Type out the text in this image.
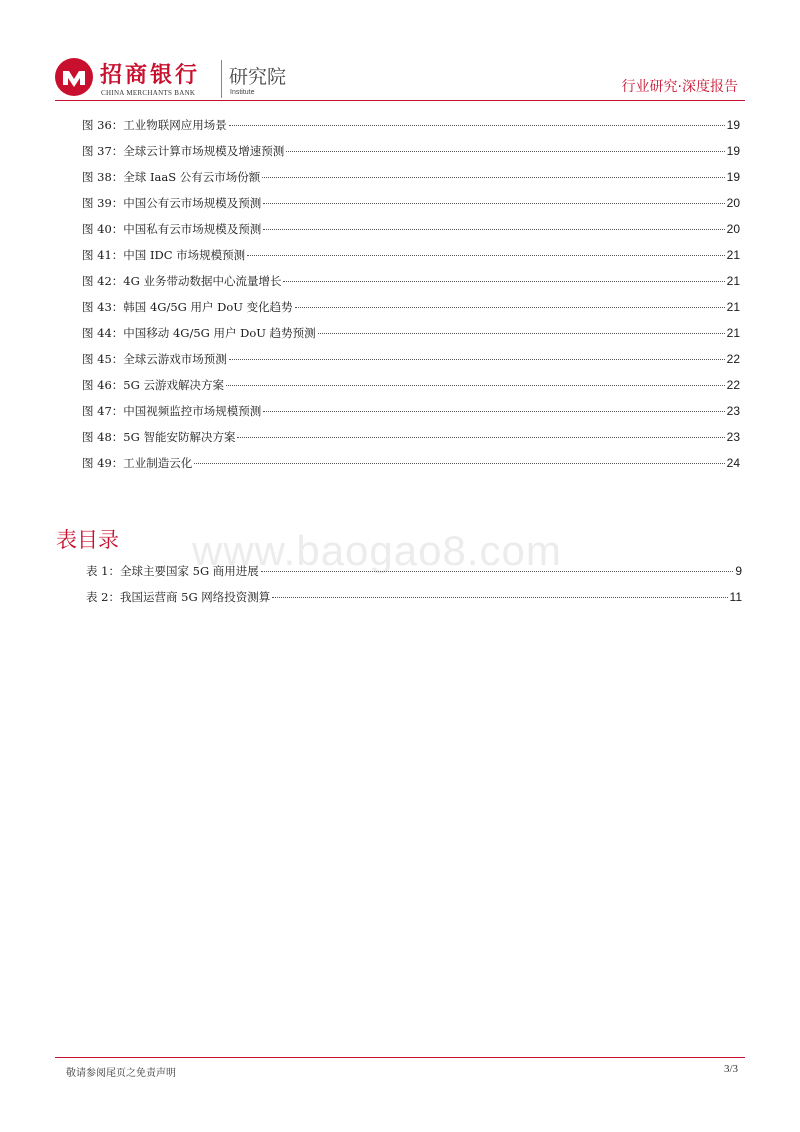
招商银行
CHINA MERCHANTS BANK
研究院
Institute	行业研究·深度报告
图 36：工业物联网应用场景	19
图 37：全球云计算市场规模及增速预测	19
图 38：全球 IaaS 公有云市场份额	19
图 39：中国公有云市场规模及预测	20
图 40：中国私有云市场规模及预测	20
图 41：中国 IDC 市场规模预测	21
图 42：4G 业务带动数据中心流量增长	21
图 43：韩国 4G/5G 用户 DoU 变化趋势	21
图 44：中国移动 4G/5G 用户 DoU 趋势预测	21
图 45：全球云游戏市场预测	22
图 46：5G 云游戏解决方案	22
图 47：中国视频监控市场规模预测	23
图 48：5G 智能安防解决方案	23
图 49：工业制造云化	24
www.baogao8.com
表目录
表 1：全球主要国家 5G 商用进展	9
表 2：我国运营商 5G 网络投资测算	11
敬请参阅尾页之免责声明	3/3
